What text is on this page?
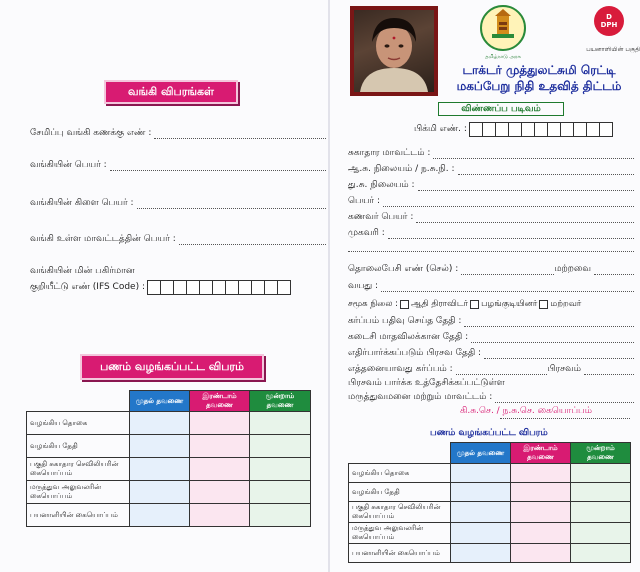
வங்கி விபரங்கள்
சேமிப்பு வங்கி கணக்கு எண் :
வங்கியின் பெயர் :
வங்கியின் கிளை பெயர் :
வங்கி உள்ள மாவட்டத்தின் பெயர் :
வங்கியின் மின் பகிர்மான
குறியீட்டு எண் (IFS Code) :
பணம் வழங்கப்பட்ட விபரம்
	முதல் தவணை	இரண்டாம் தவணை	மூன்றாம் தவணை
வழங்கிய தொகை			
வழங்கிய தேதி			
பகுதி சுகாதார செவிலியரின்
கையொப்பம்			
மருத்துவ அலுவலரின்
கையொப்பம்			
பயனாளியின் கையொப்பம்			
தமிழ்நாடு அரசு
D
DPH
பயனாளியின் பகுதி
டாக்டர் முத்துலட்சுமி ரெட்டி
மகப்பேறு நிதி உதவித் திட்டம்
விண்ணப்ப படிவம்
பிக்மி எண். :
சுகாதார மாவட்டம் :
ஆ.சு. நிலையம் / ந.சு.நி. :
து.சு. நிலையம் :
பெயர் :
கணவர் பெயர் :
முகவரி :
தொலைபேசி எண் (செல்) :	மற்றவை
வயது :
சமூக நிலை : ஆதி திராவிடர் பழங்குடியினர் மற்றவர்
கர்ப்பம் பதிவு செய்த தேதி :
கடைசி மாதவிலக்கான தேதி :
எதிர்பார்க்கப்படும் பிரசவ தேதி :
எத்தனையாவது கர்ப்பம் :	பிரசவம்
பிரசவம் பார்க்க உத்தேசிக்கப்பட்டுள்ள
மருத்துவமனை மற்றும் மாவட்டம் :
கி.சு.செ. / ந.சு.செ. கையொப்பம்
பணம் வழங்கப்பட்ட விபரம்
	முதல் தவணை	இரண்டாம் தவணை	மூன்றாம் தவணை
வழங்கிய தொகை			
வழங்கிய தேதி			
பகுதி சுகாதார செவிலியரின்
கையொப்பம்			
மருத்துவ அலுவலரின்
கையொப்பம்			
பயனாளியின் கையொப்பம்			
